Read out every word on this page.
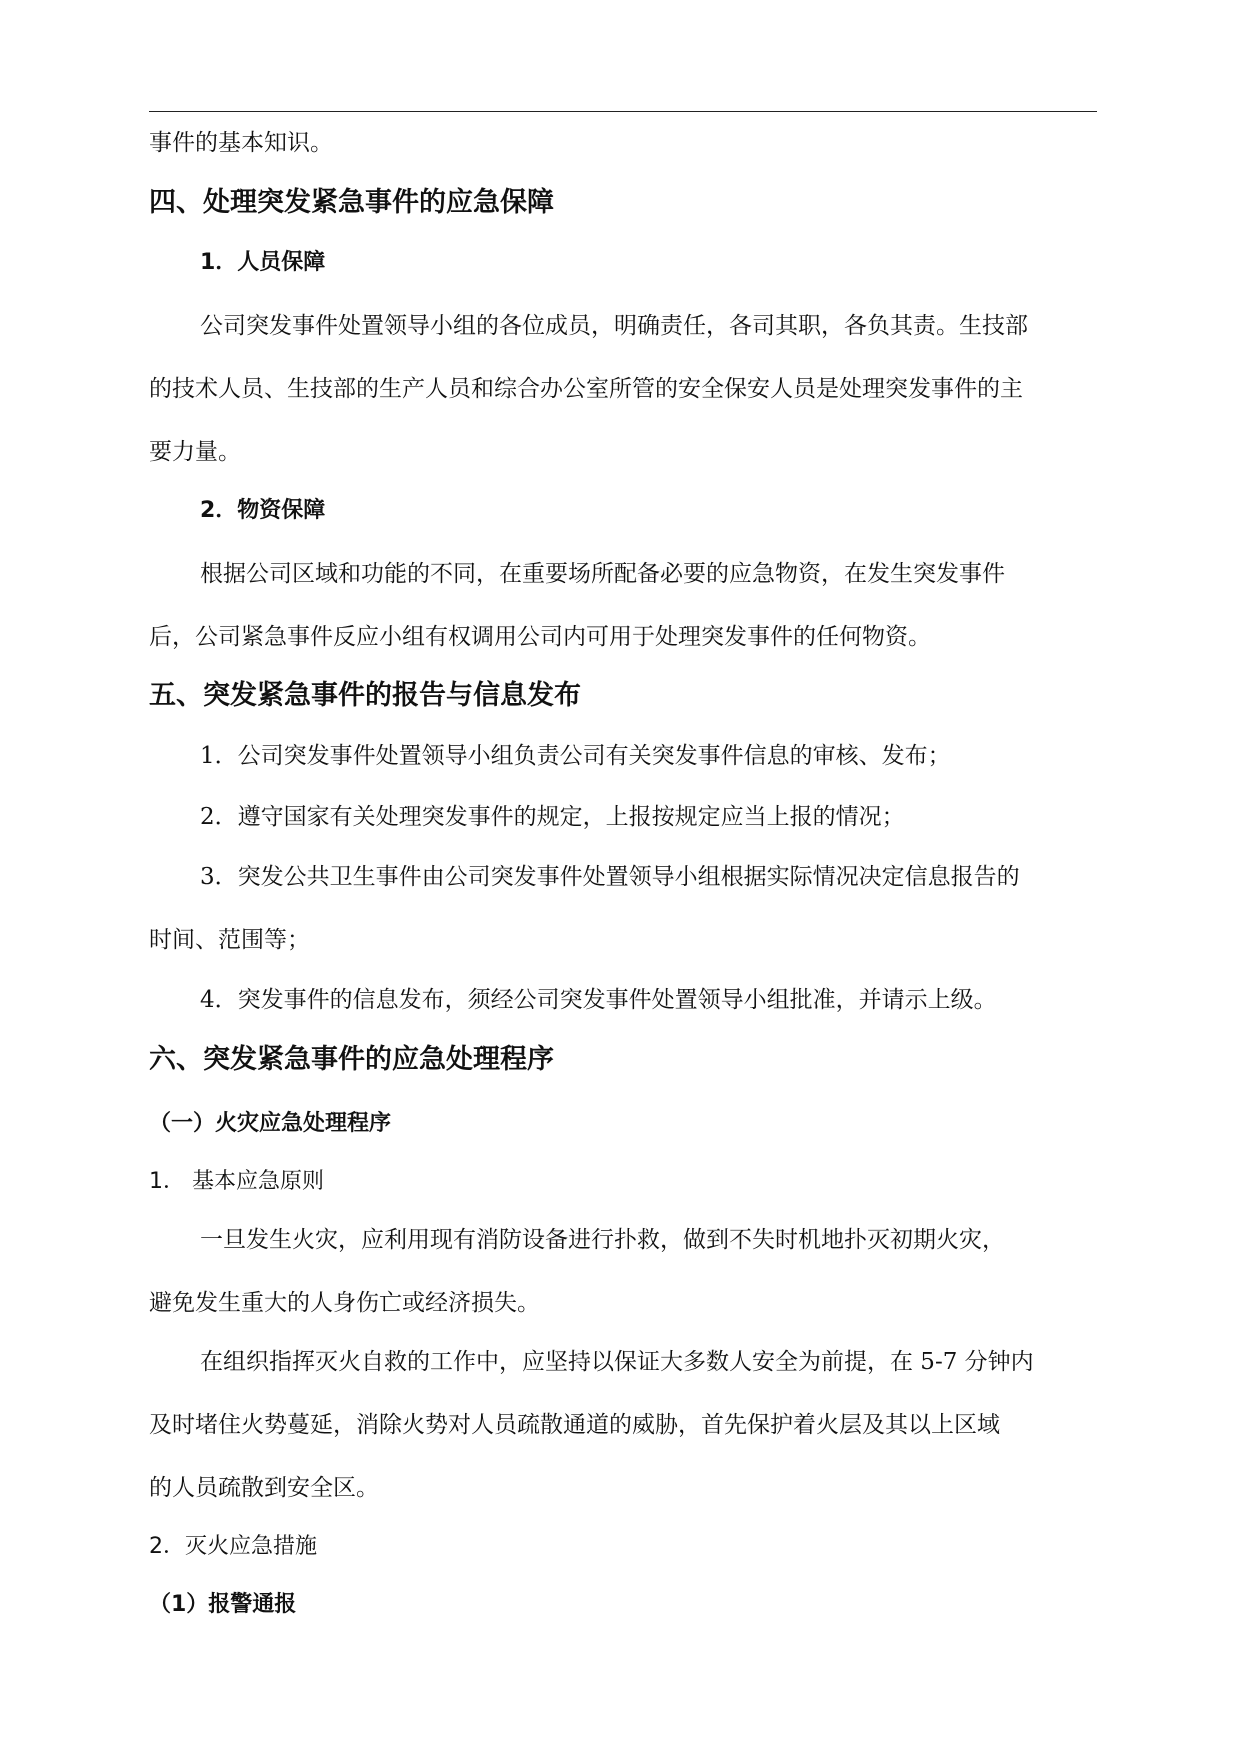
事件的基本知识。
四、处理突发紧急事件的应急保障
1．人员保障
公司突发事件处置领导小组的各位成员，明确责任，各司其职，各负其责。生技部
的技术人员、生技部的生产人员和综合办公室所管的安全保安人员是处理突发事件的主
要力量。
2．物资保障
根据公司区域和功能的不同，在重要场所配备必要的应急物资，在发生突发事件
后，公司紧急事件反应小组有权调用公司内可用于处理突发事件的任何物资。
五、突发紧急事件的报告与信息发布
1．公司突发事件处置领导小组负责公司有关突发事件信息的审核、发布；
2．遵守国家有关处理突发事件的规定，上报按规定应当上报的情况；
3．突发公共卫生事件由公司突发事件处置领导小组根据实际情况决定信息报告的
时间、范围等；
4．突发事件的信息发布，须经公司突发事件处置领导小组批准，并请示上级。
六、突发紧急事件的应急处理程序
（一）火灾应急处理程序
1． 基本应急原则
一旦发生火灾，应利用现有消防设备进行扑救，做到不失时机地扑灭初期火灾，
避免发生重大的人身伤亡或经济损失。
在组织指挥灭火自救的工作中，应坚持以保证大多数人安全为前提，在 5-7 分钟内
及时堵住火势蔓延，消除火势对人员疏散通道的威胁，首先保护着火层及其以上区域
的人员疏散到安全区。
2．灭火应急措施
（1）报警通报
